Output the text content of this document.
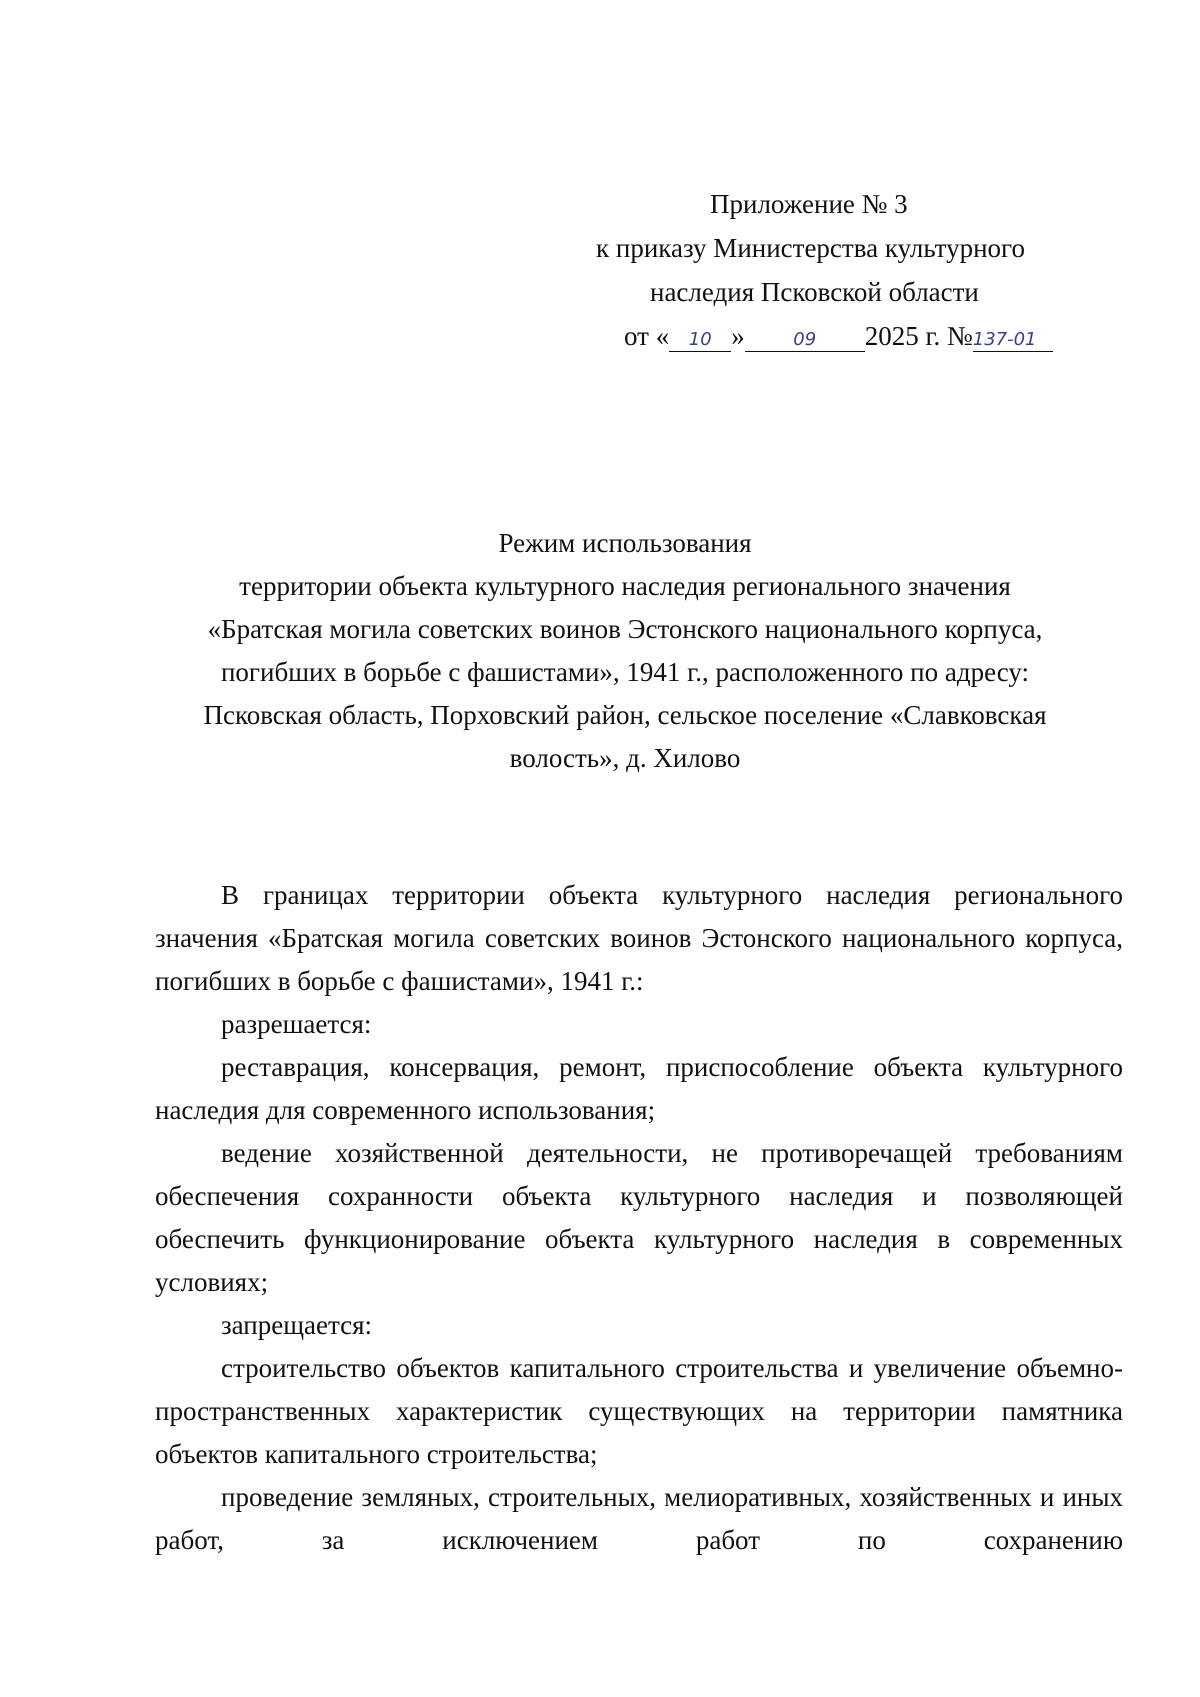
Приложение № 3
к приказу Министерства культурного
наследия Псковской области
от « 10 »	09 2025 г. №137-01
Режим использования
территории объекта культурного наследия регионального значения
«Братская могила советских воинов Эстонского национального корпуса,
погибших в борьбе с фашистами», 1941 г., расположенного по адресу:
Псковская область, Порховский район, сельское поселение «Славковская
волость», д. Хилово

В границах территории объекта культурного наследия регионального значения «Братская могила советских воинов Эстонского национального корпуса, погибших в борьбе с фашистами», 1941 г.:

разрешается:

реставрация, консервация, ремонт, приспособление объекта культурного наследия для современного использования;

ведение хозяйственной деятельности, не противоречащей требованиям обеспечения сохранности объекта культурного наследия и позволяющей обеспечить функционирование объекта культурного наследия в современных условиях;

запрещается:

строительство объектов капитального строительства и увеличение объемно-пространственных характеристик существующих на территории памятника объектов капитального строительства;

проведение земляных, строительных, мелиоративных, хозяйственных и иных работ, за исключением работ по сохранению
